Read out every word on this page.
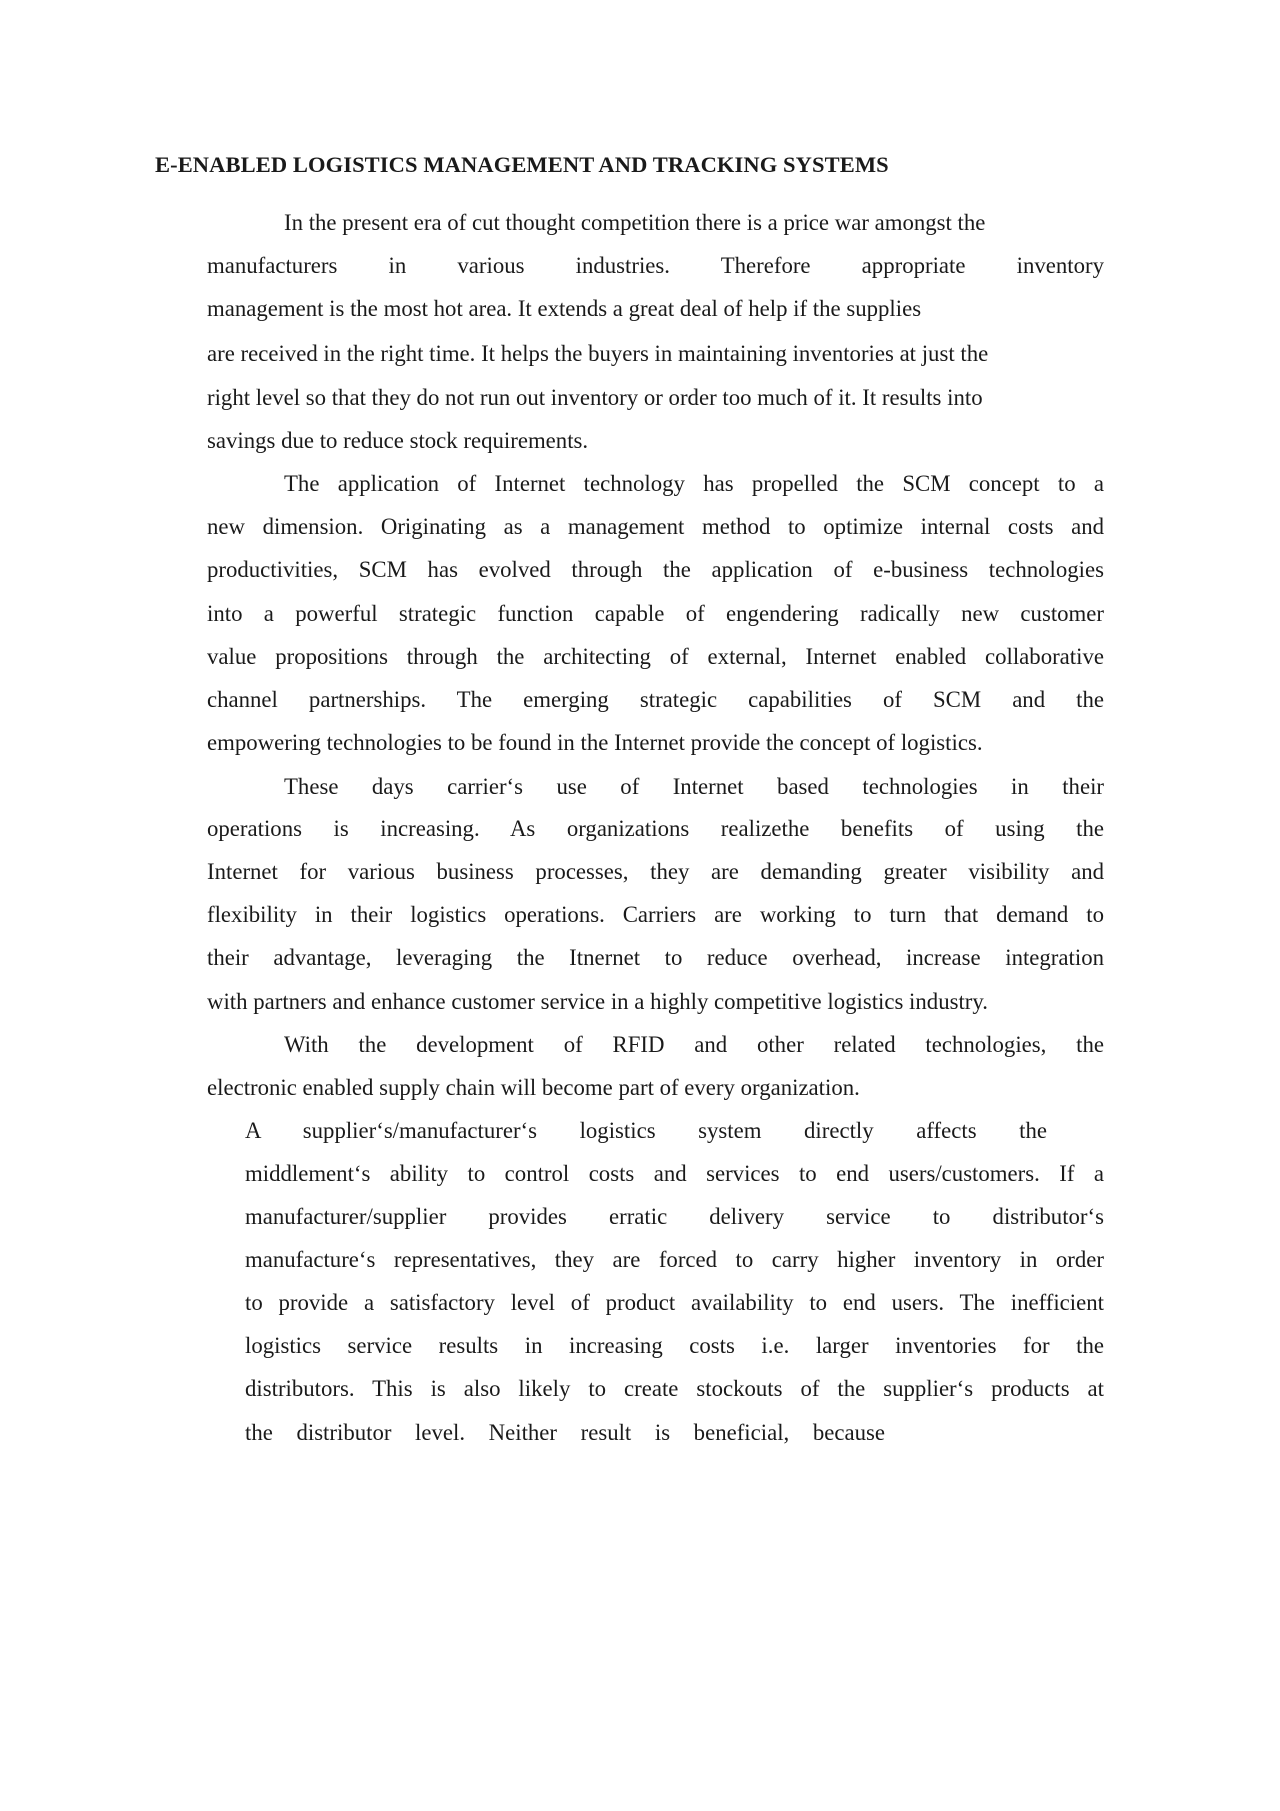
E-ENABLED LOGISTICS MANAGEMENT AND TRACKING SYSTEMS

In the present era of cut thought competition there is a price war amongst the

manufacturers in various industries. Therefore appropriate inventory

management is the most hot area. It extends a great deal of help if the supplies

are received in the right time. It helps the buyers in maintaining inventories at just the

right level so that they do not run out inventory or order too much of it. It results into

savings due to reduce stock requirements.

The application of Internet technology has propelled the SCM concept to a

new dimension. Originating as a management method to optimize internal costs and

productivities, SCM has evolved through the application of e-business technologies

into a powerful strategic function capable of engendering radically new customer

value propositions through the architecting of external, Internet enabled collaborative

channel partnerships. The emerging strategic capabilities of SCM and the

empowering technologies to be found in the Internet provide the concept of logistics.

These days carrier‘s use of Internet based technologies in their

operations is increasing. As organizations realizethe benefits of using the

Internet for various business processes, they are demanding greater visibility and

flexibility in their logistics operations. Carriers are working to turn that demand to

their advantage, leveraging the Itnernet to reduce overhead, increase integration

with partners and enhance customer service in a highly competitive logistics industry.

With the development of RFID and other related technologies, the

electronic enabled supply chain will become part of every organization.

A supplier‘s/manufacturer‘s logistics system directly affects the

middlement‘s ability to control costs and services to end users/customers. If a

manufacturer/supplier provides erratic delivery service to distributor‘s

manufacture‘s representatives, they are forced to carry higher inventory in order

to provide a satisfactory level of product availability to end users. The inefficient

logistics service results in increasing costs i.e. larger inventories for the

distributors. This is also likely to create stockouts of the supplier‘s products at

the distributor level. Neither result is beneficial, because
